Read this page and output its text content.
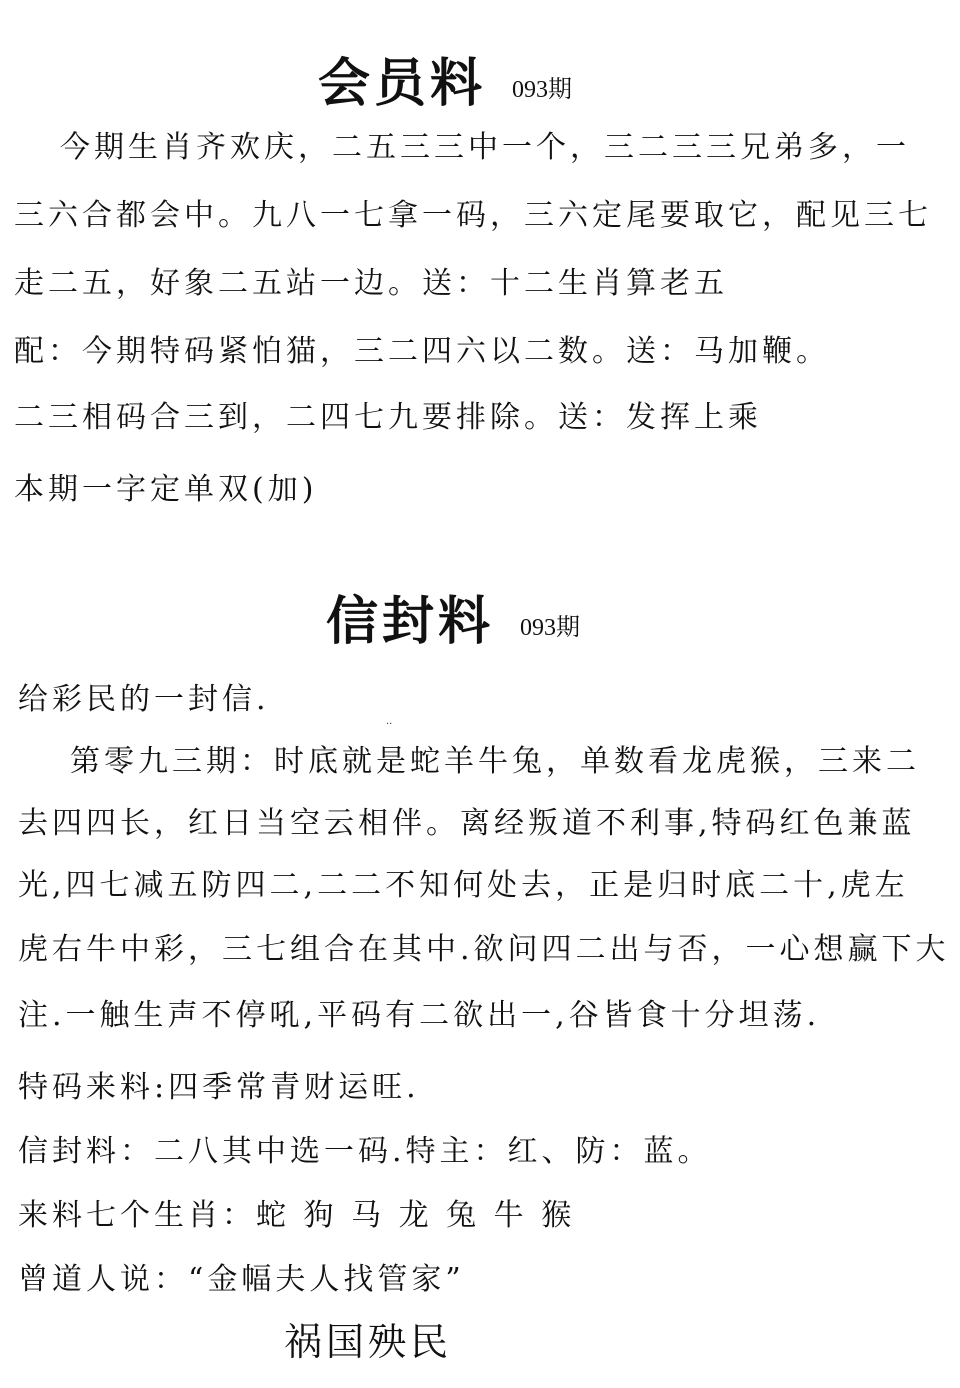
会员料 093期
今期生肖齐欢庆，二五三三中一个，三二三三兄弟多，一
三六合都会中。九八一七拿一码，三六定尾要取它，配见三七
走二五，好象二五站一边。送：十二生肖算老五
配：今期特码紧怕猫，三二四六以二数。送：马加鞭。
二三相码合三到，二四七九要排除。送：发挥上乘
本期一字定单双(加)
信封料 093期
给彩民的一封信.
··
第零九三期：时底就是蛇羊牛兔，单数看龙虎猴，三来二
去四四长，红日当空云相伴。离经叛道不利事,特码红色兼蓝
光,四七减五防四二,二二不知何处去，正是归时底二十,虎左
虎右牛中彩，三七组合在其中.欲问四二出与否，一心想赢下大
注.一触生声不停吼,平码有二欲出一,谷皆食十分坦荡.
特码来料:四季常青财运旺.
信封料：二八其中选一码.特主：红、防：蓝。
来料七个生肖：蛇 狗 马 龙 兔 牛 猴
曾道人说：“金幅夫人找管家”
祸国殃民
